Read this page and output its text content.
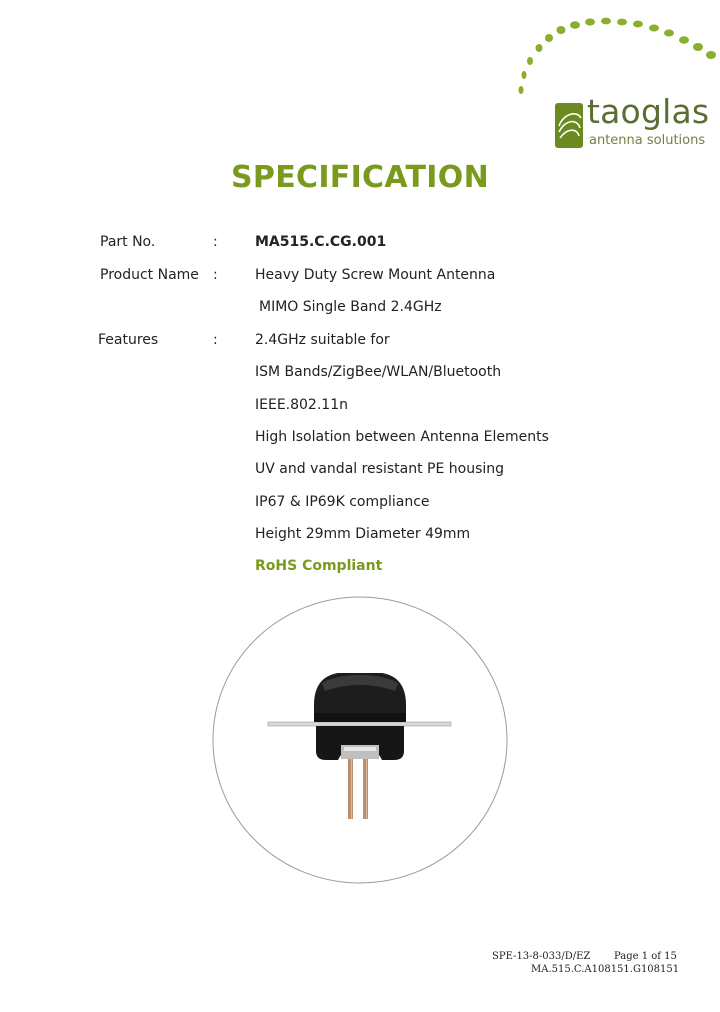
taoglas
antenna solutions
SPECIFICATION
Part No.	:	MA515.C.CG.001
Product Name :	Heavy Duty Screw Mount Antenna
MIMO Single Band 2.4GHz
Features	:	2.4GHz suitable for
ISM Bands/ZigBee/WLAN/Bluetooth
IEEE.802.11n
High Isolation between Antenna Elements
UV and vandal resistant PE housing
IP67 & IP69K compliance
Height 29mm Diameter 49mm
RoHS Compliant
SPE-13-8-033/D/EZ Page 1 of 15
MA.515.C.A108151.G108151
